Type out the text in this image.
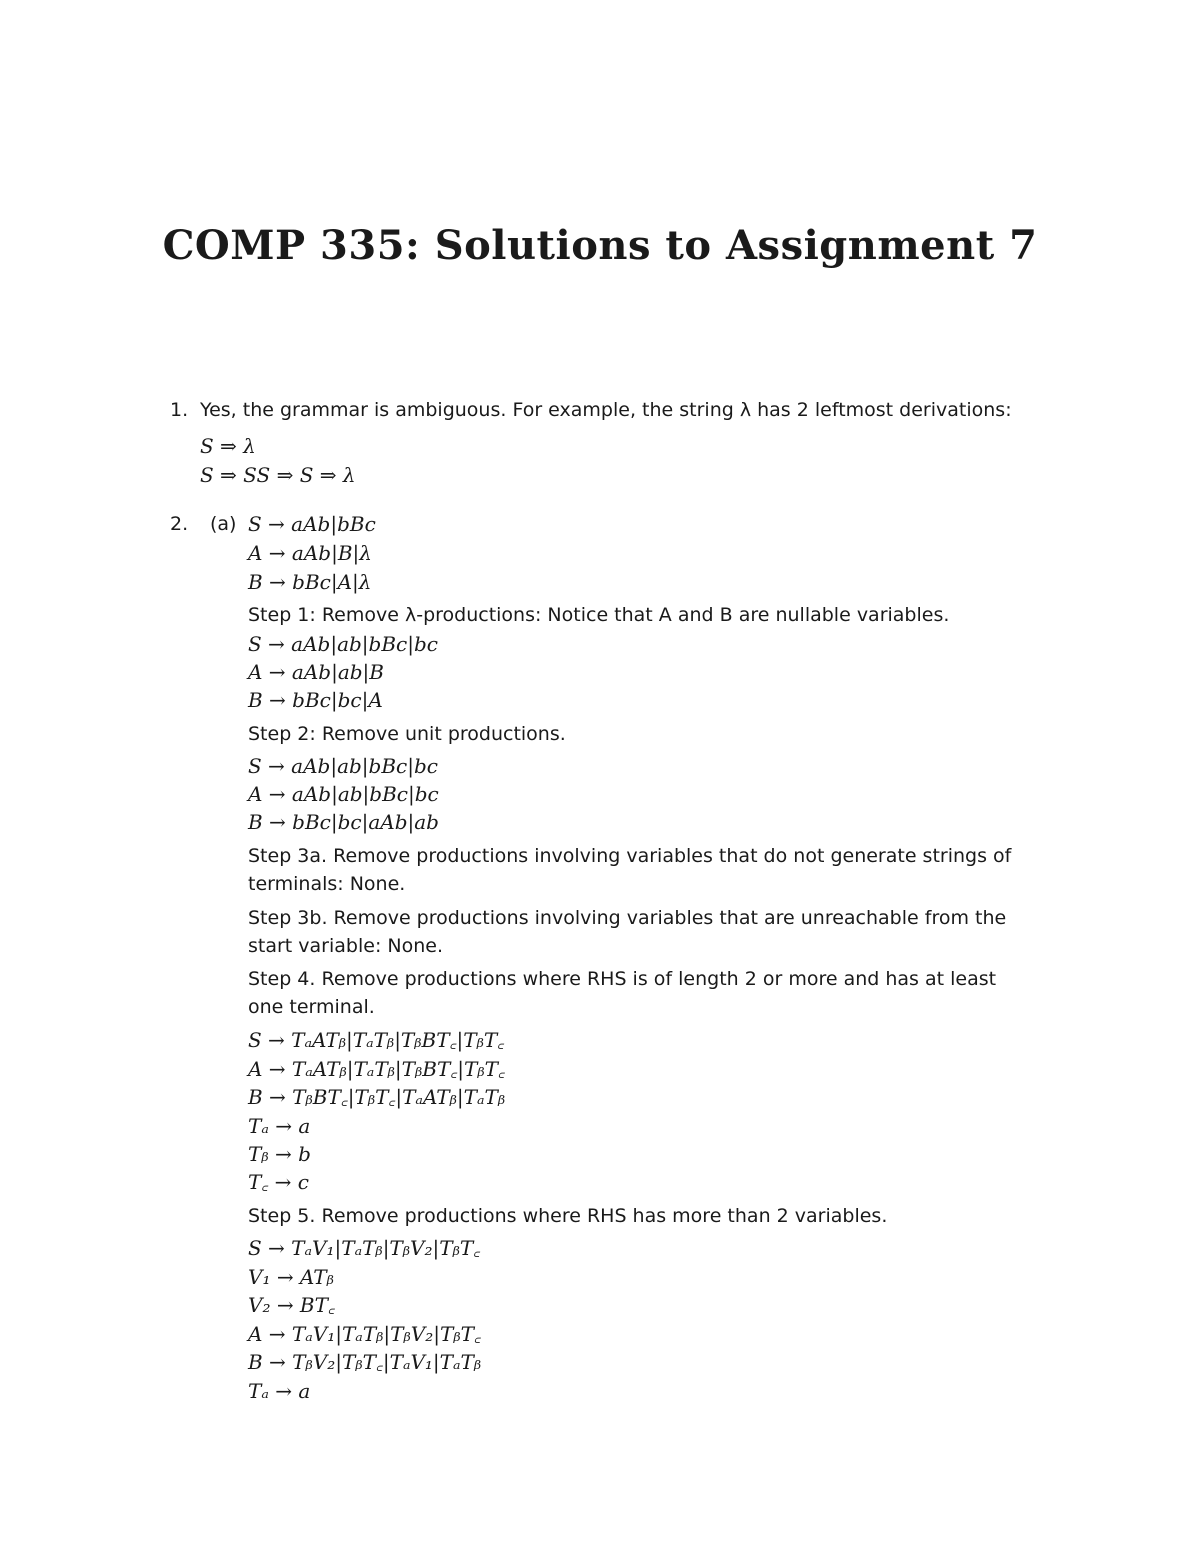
COMP 335: Solutions to Assignment 7
1. Yes, the grammar is ambiguous. For example, the string λ has 2 leftmost derivations:
S ⇒ λ
S ⇒ SS ⇒ S ⇒ λ
2. (a) S → aAb|bBc
A → aAb|B|λ
B → bBc|A|λ
Step 1: Remove λ-productions: Notice that A and B are nullable variables.
S → aAb|ab|bBc|bc
A → aAb|ab|B
B → bBc|bc|A
Step 2: Remove unit productions.
S → aAb|ab|bBc|bc
A → aAb|ab|bBc|bc
B → bBc|bc|aAb|ab
Step 3a. Remove productions involving variables that do not generate strings of
terminals: None.
Step 3b. Remove productions involving variables that are unreachable from the
start variable: None.
Step 4. Remove productions where RHS is of length 2 or more and has at least
one terminal.
S → TₐATᵦ|TₐTᵦ|TᵦBT꜀|TᵦT꜀
A → TₐATᵦ|TₐTᵦ|TᵦBT꜀|TᵦT꜀
B → TᵦBT꜀|TᵦT꜀|TₐATᵦ|TₐTᵦ
Tₐ → a
Tᵦ → b
T꜀ → c
Step 5. Remove productions where RHS has more than 2 variables.
S → TₐV₁|TₐTᵦ|TᵦV₂|TᵦT꜀
V₁ → ATᵦ
V₂ → BT꜀
A → TₐV₁|TₐTᵦ|TᵦV₂|TᵦT꜀
B → TᵦV₂|TᵦT꜀|TₐV₁|TₐTᵦ
Tₐ → a
